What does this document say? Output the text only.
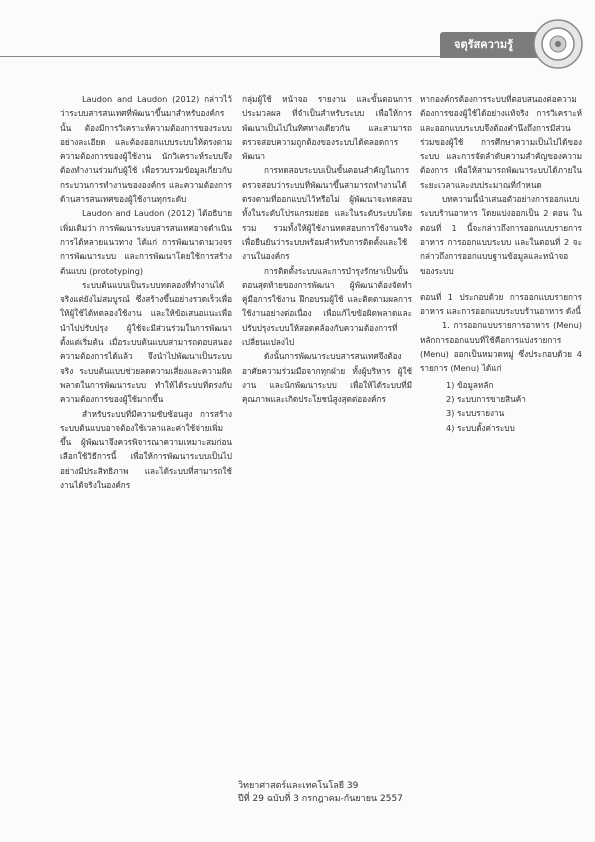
จตุรัสความรู้

Laudon and Laudon (2012) กล่าวไว้ว่าระบบสารสนเทศที่พัฒนาขึ้นมาสำหรับองค์กรนั้น ต้องมีการวิเคราะห์ความต้องการของระบบอย่างละเอียด และต้องออกแบบระบบให้ตรงตามความต้องการของผู้ใช้งาน นักวิเคราะห์ระบบจึงต้องทำงานร่วมกับผู้ใช้ เพื่อรวบรวมข้อมูลเกี่ยวกับกระบวนการทำงานขององค์กร และความต้องการด้านสารสนเทศของผู้ใช้งานทุกระดับ

Laudon and Laudon (2012) ได้อธิบายเพิ่มเติมว่า การพัฒนาระบบสารสนเทศอาจดำเนินการได้หลายแนวทาง ได้แก่ การพัฒนาตามวงจรการพัฒนาระบบ และการพัฒนาโดยใช้การสร้างต้นแบบ (prototyping)

ระบบต้นแบบเป็นระบบทดลองที่ทำงานได้จริงแต่ยังไม่สมบูรณ์ ซึ่งสร้างขึ้นอย่างรวดเร็วเพื่อให้ผู้ใช้ได้ทดลองใช้งาน และให้ข้อเสนอแนะเพื่อนำไปปรับปรุง ผู้ใช้จะมีส่วนร่วมในการพัฒนาตั้งแต่เริ่มต้น เมื่อระบบต้นแบบสามารถตอบสนองความต้องการได้แล้ว จึงนำไปพัฒนาเป็นระบบจริง ระบบต้นแบบช่วยลดความเสี่ยงและความผิดพลาดในการพัฒนาระบบ ทำให้ได้ระบบที่ตรงกับความต้องการของผู้ใช้มากขึ้น

สำหรับระบบที่มีความซับซ้อนสูง การสร้างระบบต้นแบบอาจต้องใช้เวลาและค่าใช้จ่ายเพิ่มขึ้น ผู้พัฒนาจึงควรพิจารณาความเหมาะสมก่อนเลือกใช้วิธีการนี้ เพื่อให้การพัฒนาระบบเป็นไปอย่างมีประสิทธิภาพ และได้ระบบที่สามารถใช้งานได้จริงในองค์กร

กลุ่มผู้ใช้ หน้าจอ รายงาน และขั้นตอนการประมวลผล ที่จำเป็นสำหรับระบบ เพื่อให้การพัฒนาเป็นไปในทิศทางเดียวกัน และสามารถตรวจสอบความถูกต้องของระบบได้ตลอดการพัฒนา

การทดสอบระบบเป็นขั้นตอนสำคัญในการตรวจสอบว่าระบบที่พัฒนาขึ้นสามารถทำงานได้ตรงตามที่ออกแบบไว้หรือไม่ ผู้พัฒนาจะทดสอบทั้งในระดับโปรแกรมย่อย และในระดับระบบโดยรวม รวมทั้งให้ผู้ใช้งานทดสอบการใช้งานจริง เพื่อยืนยันว่าระบบพร้อมสำหรับการติดตั้งและใช้งานในองค์กร

การติดตั้งระบบและการบำรุงรักษาเป็นขั้นตอนสุดท้ายของการพัฒนา ผู้พัฒนาต้องจัดทำคู่มือการใช้งาน ฝึกอบรมผู้ใช้ และติดตามผลการใช้งานอย่างต่อเนื่อง เพื่อแก้ไขข้อผิดพลาดและปรับปรุงระบบให้สอดคล้องกับความต้องการที่เปลี่ยนแปลงไป

ดังนั้นการพัฒนาระบบสารสนเทศจึงต้องอาศัยความร่วมมือจากทุกฝ่าย ทั้งผู้บริหาร ผู้ใช้งาน และนักพัฒนาระบบ เพื่อให้ได้ระบบที่มีคุณภาพและเกิดประโยชน์สูงสุดต่อองค์กร

หากองค์กรต้องการระบบที่ตอบสนองต่อความต้องการของผู้ใช้ได้อย่างแท้จริง การวิเคราะห์และออกแบบระบบจึงต้องคำนึงถึงการมีส่วนร่วมของผู้ใช้ การศึกษาความเป็นไปได้ของระบบ และการจัดลำดับความสำคัญของความต้องการ เพื่อให้สามารถพัฒนาระบบได้ภายในระยะเวลาและงบประมาณที่กำหนด

บทความนี้นำเสนอตัวอย่างการออกแบบระบบร้านอาหาร โดยแบ่งออกเป็น 2 ตอน ในตอนที่ 1 นี้จะกล่าวถึงการออกแบบรายการอาหาร การออกแบบระบบ และในตอนที่ 2 จะกล่าวถึงการออกแบบฐานข้อมูลและหน้าจอของระบบ

ตอนที่ 1 ประกอบด้วย การออกแบบรายการอาหาร และการออกแบบระบบร้านอาหาร ดังนี้

1. การออกแบบรายการอาหาร (Menu) หลักการออกแบบที่ใช้คือการแบ่งรายการ (Menu) ออกเป็นหมวดหมู่ ซึ่งประกอบด้วย 4 รายการ (Menu) ได้แก่

1) ข้อมูลหลัก
2) ระบบการขายสินค้า
3) ระบบรายงาน
4) ระบบตั้งค่าระบบ
วิทยาศาสตร์และเทคโนโลยี 39
ปีที่ 29 ฉบับที่ 3 กรกฎาคม-กันยายน 2557
